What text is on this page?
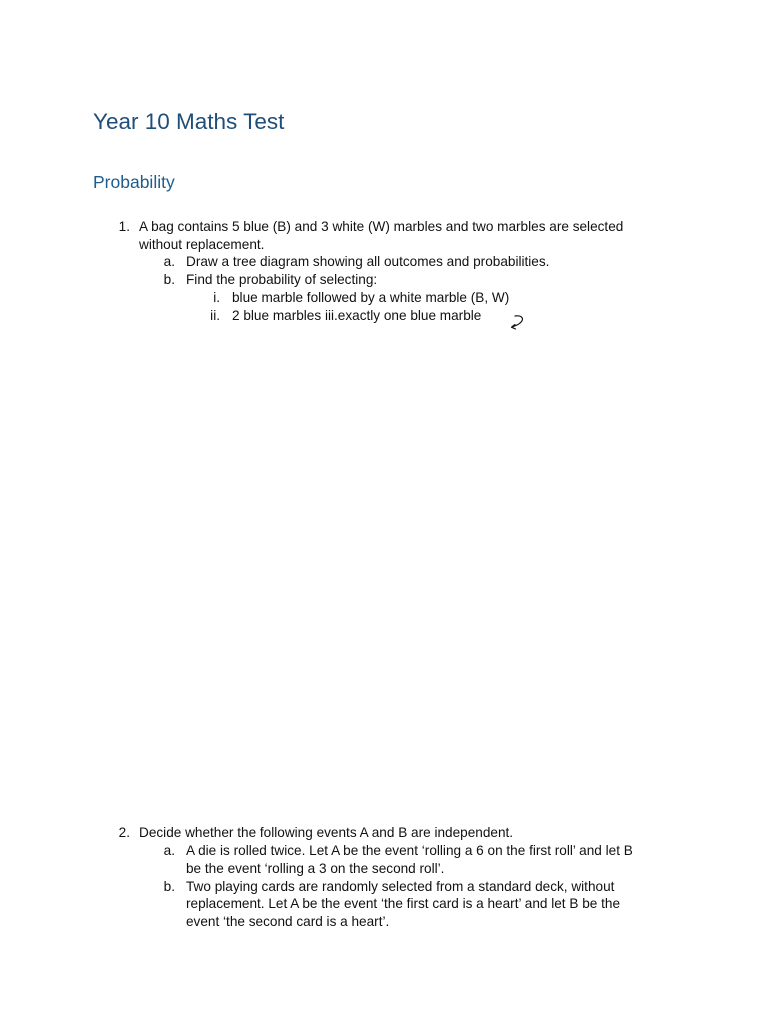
Year 10 Maths Test
Probability
1. A bag contains 5 blue (B) and 3 white (W) marbles and two marbles are selected
without replacement.
a. Draw a tree diagram showing all outcomes and probabilities.
b. Find the probability of selecting:
i. blue marble followed by a white marble (B, W)
ii. 2 blue marbles iii.exactly one blue marble
2. Decide whether the following events A and B are independent.
a. A die is rolled twice. Let A be the event ‘rolling a 6 on the first roll’ and let B
be the event ‘rolling a 3 on the second roll’.
b. Two playing cards are randomly selected from a standard deck, without
replacement. Let A be the event ‘the first card is a heart’ and let B be the
event ‘the second card is a heart’.
